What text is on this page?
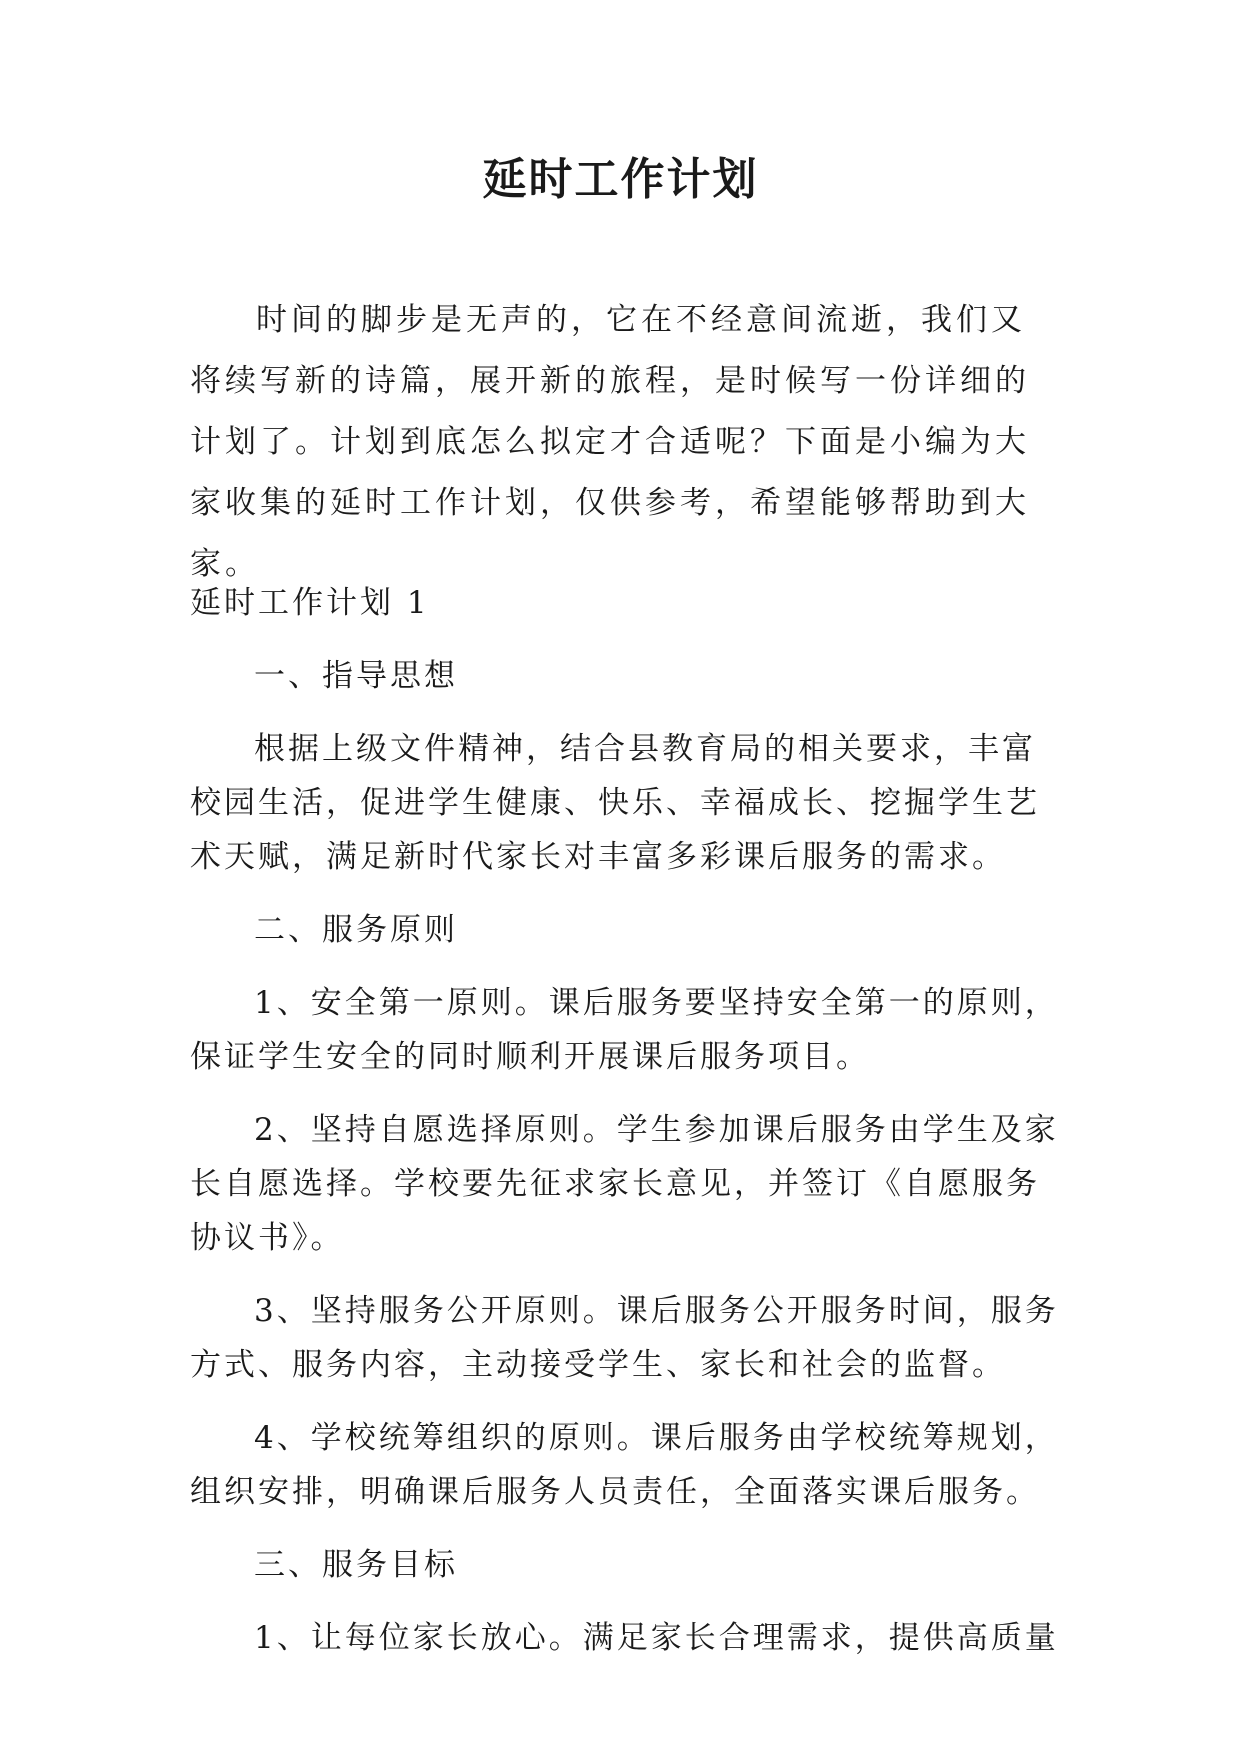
延时工作计划

时间的脚步是无声的，它在不经意间流逝，我们又将续写新的诗篇，展开新的旅程，是时候写一份详细的计划了。计划到底怎么拟定才合适呢？下面是小编为大家收集的延时工作计划，仅供参考，希望能够帮助到大家。

延时工作计划 1

一、指导思想

根据上级文件精神，结合县教育局的相关要求，丰富校园生活，促进学生健康、快乐、幸福成长、挖掘学生艺术天赋，满足新时代家长对丰富多彩课后服务的需求。

二、服务原则

1、安全第一原则。课后服务要坚持安全第一的原则，保证学生安全的同时顺利开展课后服务项目。

2、坚持自愿选择原则。学生参加课后服务由学生及家长自愿选择。学校要先征求家长意见，并签订《自愿服务协议书》。

3、坚持服务公开原则。课后服务公开服务时间，服务方式、服务内容，主动接受学生、家长和社会的监督。

4、学校统筹组织的原则。课后服务由学校统筹规划，组织安排，明确课后服务人员责任，全面落实课后服务。

三、服务目标

1、让每位家长放心。满足家长合理需求，提供高质量
